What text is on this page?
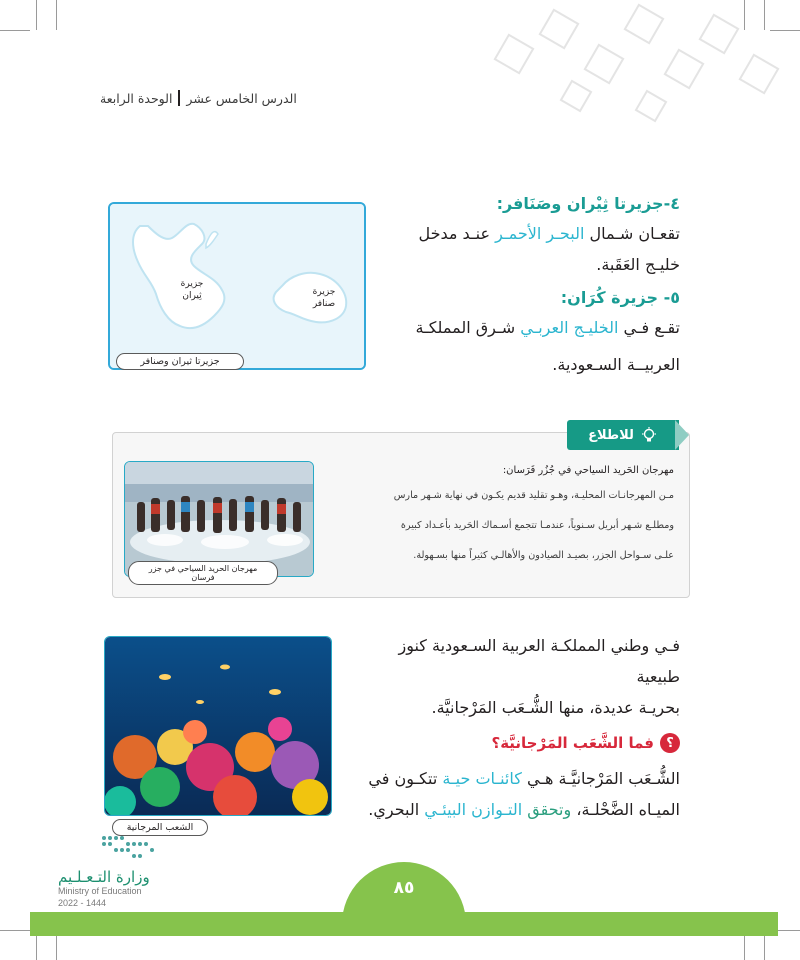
الوحدة الرابعة الدرس الخامس عشر
٤-جزيرتا ثِيْران وصَنَافر:
تقعـان شـمال البحـر الأحمـر عنـد مدخل
خليـج العَقَبة.
٥- جزيرة كُرَان:
تقـع فـي الخليـج العربـي شـرق المملكـة
العربيــة السـعودية.
جزيرة ثِيران	جزيرة صنافر
جزيرتا ثيران وصنافر
للاطلاع
مهرجان الحَريد السياحي في جُزُر فَرَسان:
مـن المهرجانـات المحليـة، وهـو تقليد قديم يكـون في نهاية شـهر مارس
ومطلـع شـهر أبريل سـنوياً، عندمـا تتجمع أسـماك الحَريد بأعـداد كبيرة
علـى سـواحل الجزر، بصيـد الصيادون والأهالـي كثيراً منها بسـهولة.
مهرجان الحريد السياحي في جزر فرسان
الشعب المرجانية
فـي وطني المملكـة العربية السـعودية كنوز طبيعية
بحريـة عديدة، منها الشُّـعَب المَرْجانيَّة.
؟
فما الشَّعَب المَرْجانيَّة؟
الشُّـعَب المَرْجانيَّـة هـي كائنـات حيـة تتكـون في
الميـاه الضَّحْلـة، وتحقق التـوازن البيئـي البحري.
وزارة التـعـلـيم
Ministry of Education
2022 - 1444
٨٥
